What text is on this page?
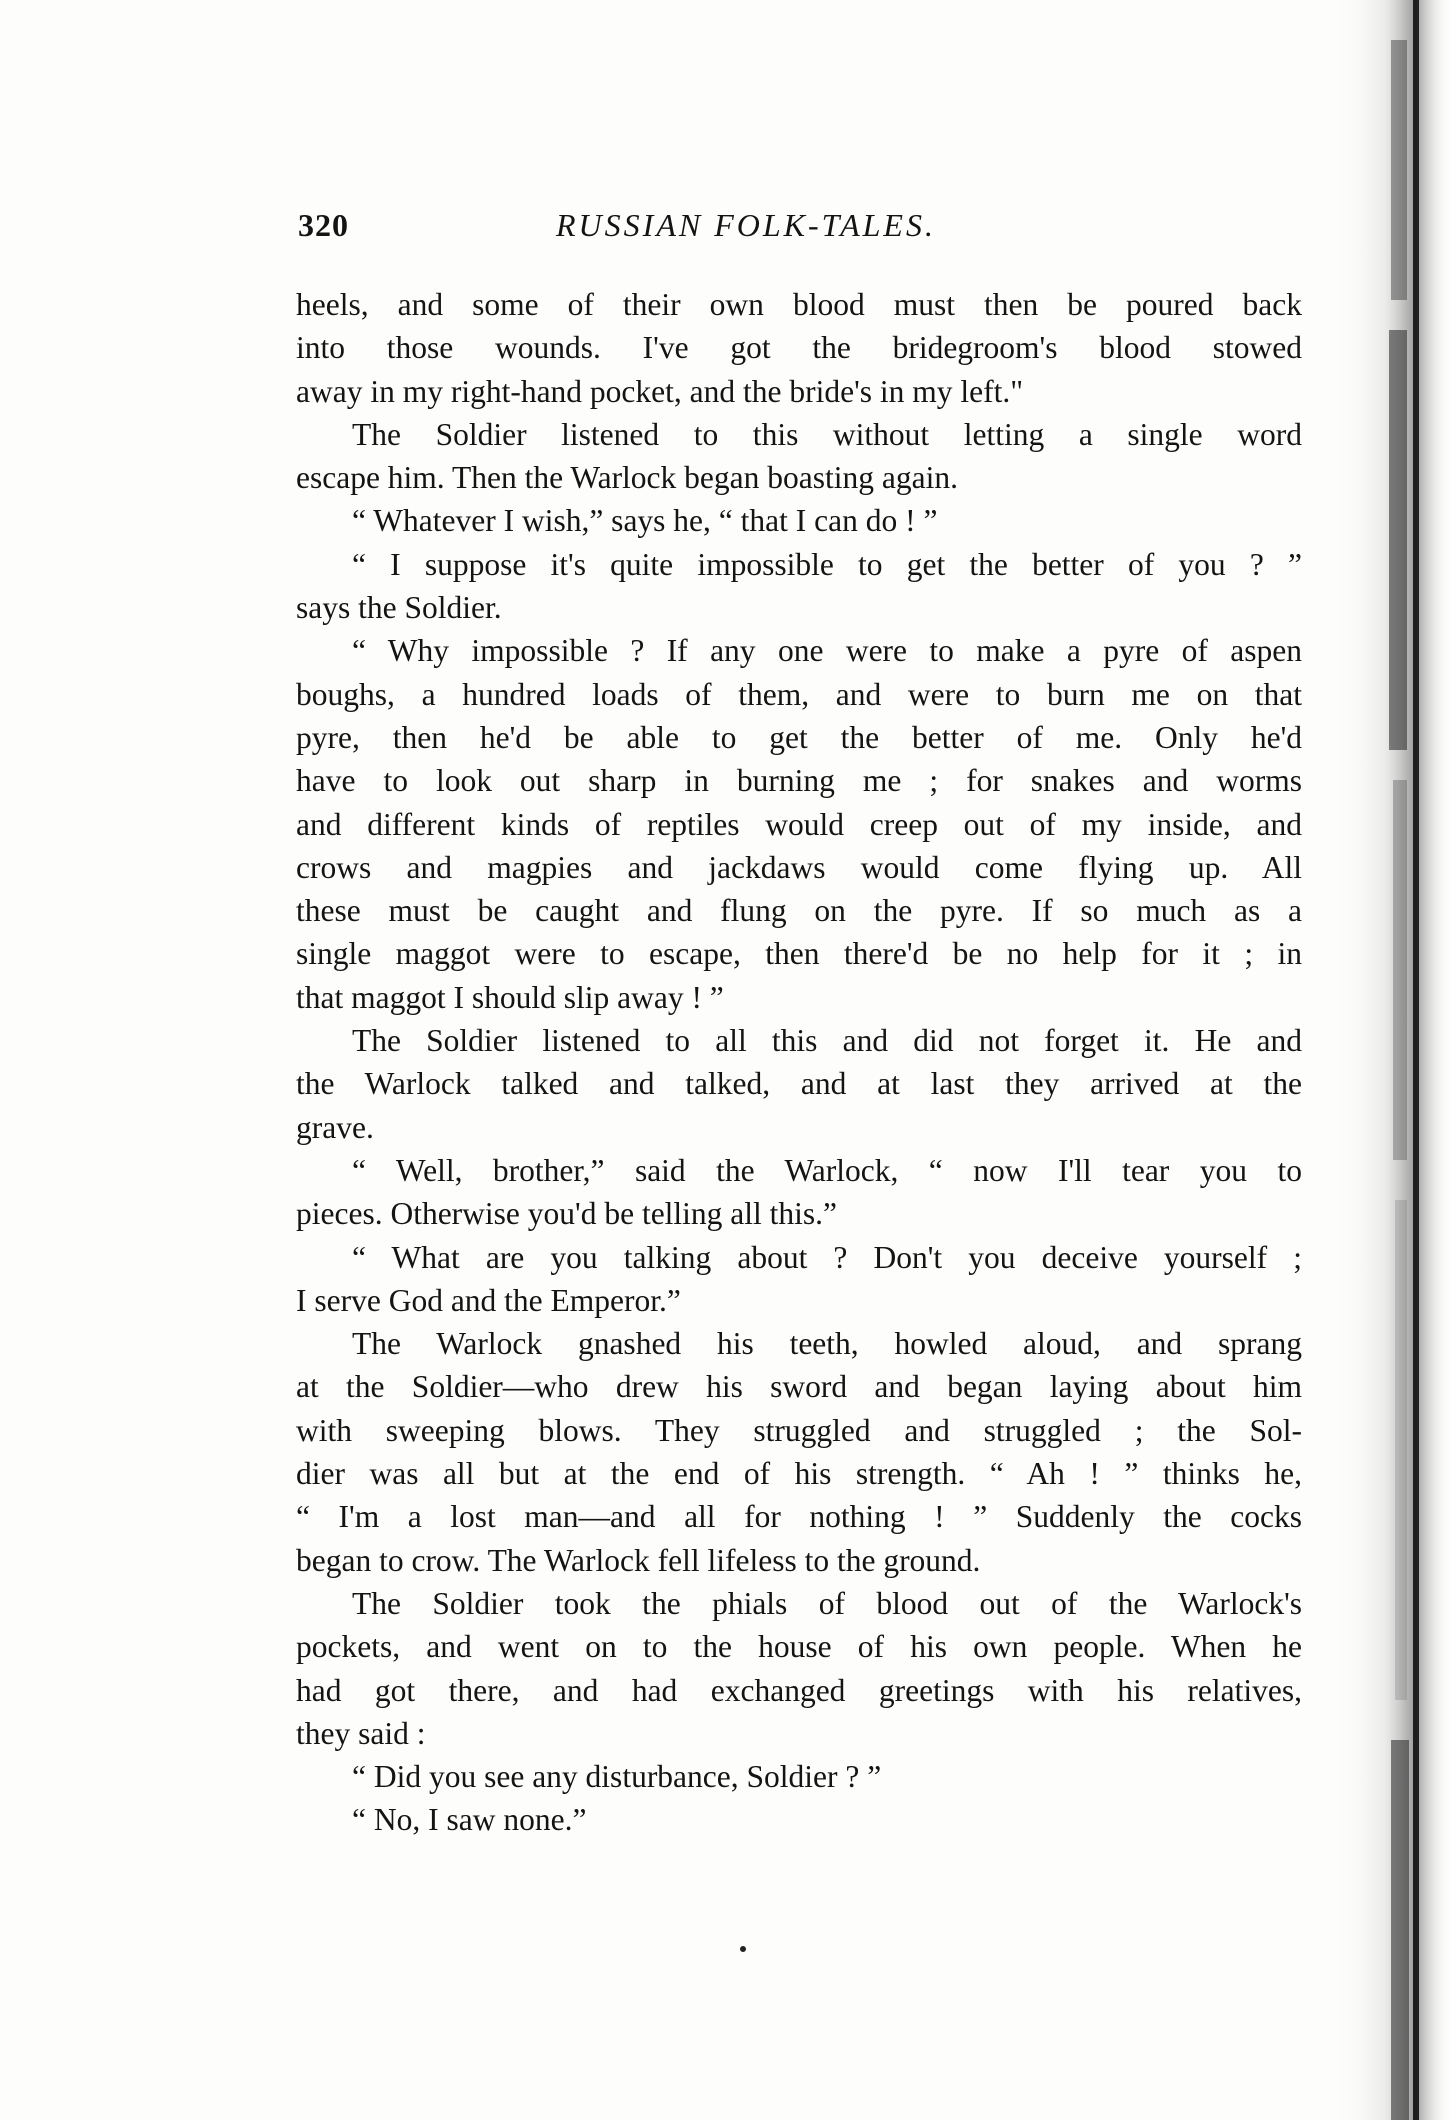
320	RUSSIAN FOLK-TALES.
heels, and some of their own blood must then be poured back
into those wounds. I've got the bridegroom's blood stowed
away in my right-hand pocket, and the bride's in my left."
The Soldier listened to this without letting a single word
escape him. Then the Warlock began boasting again.
“ Whatever I wish,” says he, “ that I can do ! ”
“ I suppose it's quite impossible to get the better of you ? ”
says the Soldier.
“ Why impossible ? If any one were to make a pyre of aspen
boughs, a hundred loads of them, and were to burn me on that
pyre, then he'd be able to get the better of me. Only he'd
have to look out sharp in burning me ; for snakes and worms
and different kinds of reptiles would creep out of my inside, and
crows and magpies and jackdaws would come flying up. All
these must be caught and flung on the pyre. If so much as a
single maggot were to escape, then there'd be no help for it ; in
that maggot I should slip away ! ”
The Soldier listened to all this and did not forget it. He and
the Warlock talked and talked, and at last they arrived at the
grave.
“ Well, brother,” said the Warlock, “ now I'll tear you to
pieces. Otherwise you'd be telling all this.”
“ What are you talking about ? Don't you deceive yourself ;
I serve God and the Emperor.”
The Warlock gnashed his teeth, howled aloud, and sprang
at the Soldier—who drew his sword and began laying about him
with sweeping blows. They struggled and struggled ; the Sol-
dier was all but at the end of his strength. “ Ah ! ” thinks he,
“ I'm a lost man—and all for nothing ! ” Suddenly the cocks
began to crow. The Warlock fell lifeless to the ground.
The Soldier took the phials of blood out of the Warlock's
pockets, and went on to the house of his own people. When he
had got there, and had exchanged greetings with his relatives,
they said :
“ Did you see any disturbance, Soldier ? ”
“ No, I saw none.”
